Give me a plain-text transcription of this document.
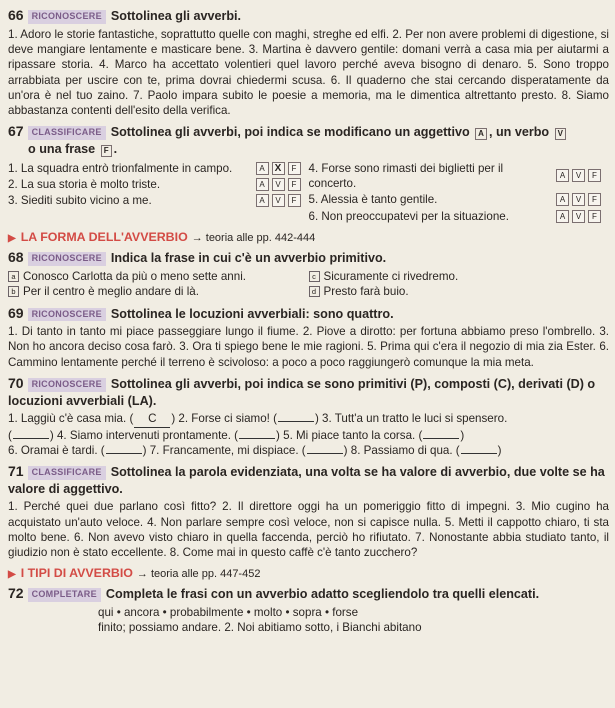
66 RICONOSCERE Sottolinea gli avverbi.
1. Adoro le storie fantastiche, soprattutto quelle con maghi, streghe ed elfi. 2. Per non avere problemi di digestione, si deve mangiare lentamente e masticare bene. 3. Martina è davvero gentile: domani verrà a casa mia per aiutarmi a ripassare storia. 4. Marco ha accettato volentieri quel lavoro perché aveva bisogno di denaro. 5. Sono troppo arrabbiata per uscire con te, prima dovrai chiedermi scusa. 6. Il quaderno che stai cercando disperatamente da un'ora è nel tuo zaino. 7. Paolo impara subito le poesie a memoria, ma le dimentica altrettanto presto. 8. Siamo abbastanza contenti dell'esito della verifica.
67 CLASSIFICARE Sottolinea gli avverbi, poi indica se modificano un aggettivo A , un verbo V
o una frase F .
1. La squadra entrò trionfalmente in campo.	A X	F
2. La sua storia è molto triste.	A	V	F
3. Siediti subito vicino a me.	A	V	F
4. Forse sono rimasti dei biglietti per il concerto.
A	V	F
5. Alessia è tanto gentile.	A	V	F
6. Non preoccupatevi per la situazione.	A	V	F
▶ LA FORMA DELL'AVVERBIO → teoria alle pp. 442-444
68 RICONOSCERE Indica la frase in cui c'è un avverbio primitivo.
a Conosco Carlotta da più o meno sette anni.
b Per il centro è meglio andare di là.
c Sicuramente ci rivedremo.
d Presto farà buio.
69 RICONOSCERE Sottolinea le locuzioni avverbiali: sono quattro.
1. Di tanto in tanto mi piace passeggiare lungo il fiume. 2. Piove a dirotto: per fortuna abbiamo preso l'ombrello. 3. Non ho ancora deciso cosa farò. 3. Ora ti spiego bene le mie ragioni. 5. Prima qui c'era il negozio di mia zia Ester. 6. Cammino lentamente perché il terreno è scivoloso: a poco a poco raggiungerò comunque la mia meta.
70 RICONOSCERE Sottolinea gli avverbi, poi indica se sono primitivi (P), composti (C), derivati (D) o locuzioni avverbiali (LA).
1. Laggiù c'è casa mia. ( C ) 2. Forse ci siamo! (	) 3. Tutt'a un tratto le luci si spensero.
(	) 4. Siamo intervenuti prontamente. (	) 5. Mi piace tanto la corsa. (	)
6. Oramai è tardi. (	) 7. Francamente, mi dispiace. (	) 8. Passiamo di qua. (	)
71 CLASSIFICARE Sottolinea la parola evidenziata, una volta se ha valore di avverbio, due volte se ha valore di aggettivo.
1. Perché quei due parlano così fitto? 2. Il direttore oggi ha un pomeriggio fitto di impegni. 3. Mio cugino ha acquistato un'auto veloce. 4. Non parlare sempre così veloce, non si capisce nulla. 5. Metti il cappotto chiaro, ti sta molto bene. 6. Non avevo visto chiaro in quella faccenda, perciò ho rifiutato. 7. Nonostante abbia studiato tanto, il giudizio non è stato eccellente. 8. Come mai in questo caffè c'è tanto zucchero?
▶ I TIPI DI AVVERBIO → teoria alle pp. 447-452
72 COMPLETARE Completa le frasi con un avverbio adatto scegliendolo tra quelli elencati.
qui • ancora • probabilmente • molto • sopra • forse
finito; possiamo andare. 2. Noi abitiamo sotto, i Bianchi abitano
